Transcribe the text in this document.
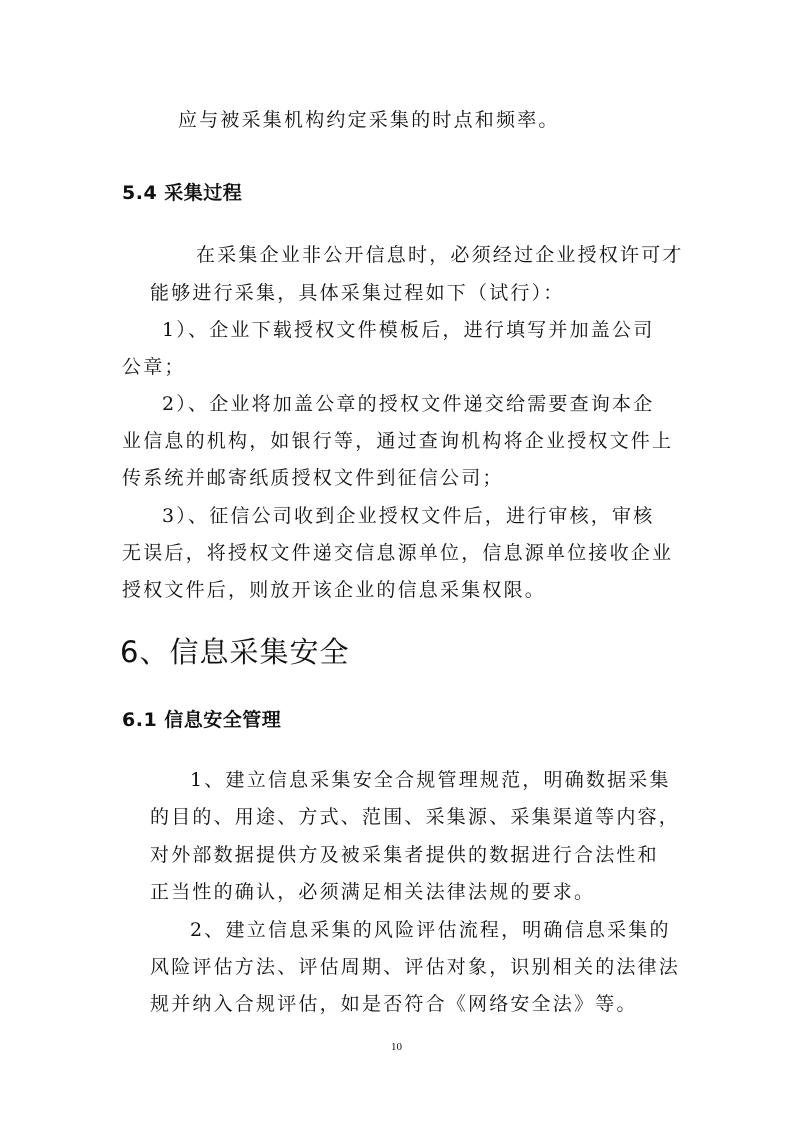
应与被采集机构约定采集的时点和频率。
5.4 采集过程
在采集企业非公开信息时，必须经过企业授权许可才
能够进行采集，具体采集过程如下（试行）：
1）、企业下载授权文件模板后，进行填写并加盖公司
公章；
2）、企业将加盖公章的授权文件递交给需要查询本企
业信息的机构，如银行等，通过查询机构将企业授权文件上
传系统并邮寄纸质授权文件到征信公司；
3）、征信公司收到企业授权文件后，进行审核，审核
无误后，将授权文件递交信息源单位，信息源单位接收企业
授权文件后，则放开该企业的信息采集权限。
6、信息采集安全
6.1 信息安全管理
1、建立信息采集安全合规管理规范，明确数据采集
的目的、用途、方式、范围、采集源、采集渠道等内容，
对外部数据提供方及被采集者提供的数据进行合法性和
正当性的确认，必须满足相关法律法规的要求。
2、建立信息采集的风险评估流程，明确信息采集的
风险评估方法、评估周期、评估对象，识别相关的法律法
规并纳入合规评估，如是否符合《网络安全法》等。
10
